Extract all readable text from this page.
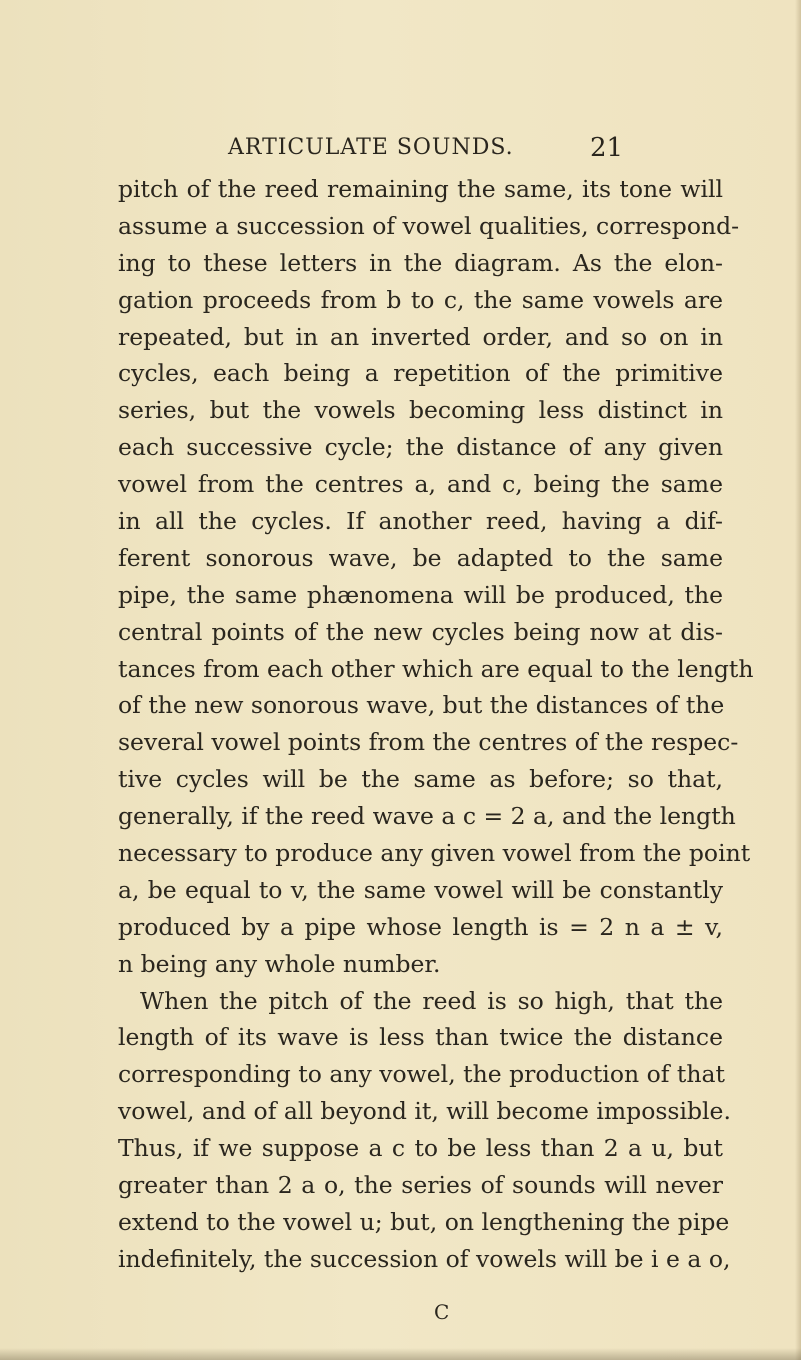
ARTICULATE SOUNDS.	21
pitch of the reed remaining the same, its tone will
assume a succession of vowel qualities, correspond-
ing to these letters in the diagram. As the elon-
gation proceeds from b to c, the same vowels are
repeated, but in an inverted order, and so on in
cycles, each being a repetition of the primitive
series, but the vowels becoming less distinct in
each successive cycle; the distance of any given
vowel from the centres a, and c, being the same
in all the cycles. If another reed, having a dif-
ferent sonorous wave, be adapted to the same
pipe, the same phænomena will be produced, the
central points of the new cycles being now at dis-
tances from each other which are equal to the length
of the new sonorous wave, but the distances of the
several vowel points from the centres of the respec-
tive cycles will be the same as before; so that,
generally, if the reed wave a c = 2 a, and the length
necessary to produce any given vowel from the point
a, be equal to v, the same vowel will be constantly
produced by a pipe whose length is = 2 n a ± v,
n being any whole number.
When the pitch of the reed is so high, that the
length of its wave is less than twice the distance
corresponding to any vowel, the production of that
vowel, and of all beyond it, will become impossible.
Thus, if we suppose a c to be less than 2 a u, but
greater than 2 a o, the series of sounds will never
extend to the vowel u; but, on lengthening the pipe
indefinitely, the succession of vowels will be i e a o,
C
